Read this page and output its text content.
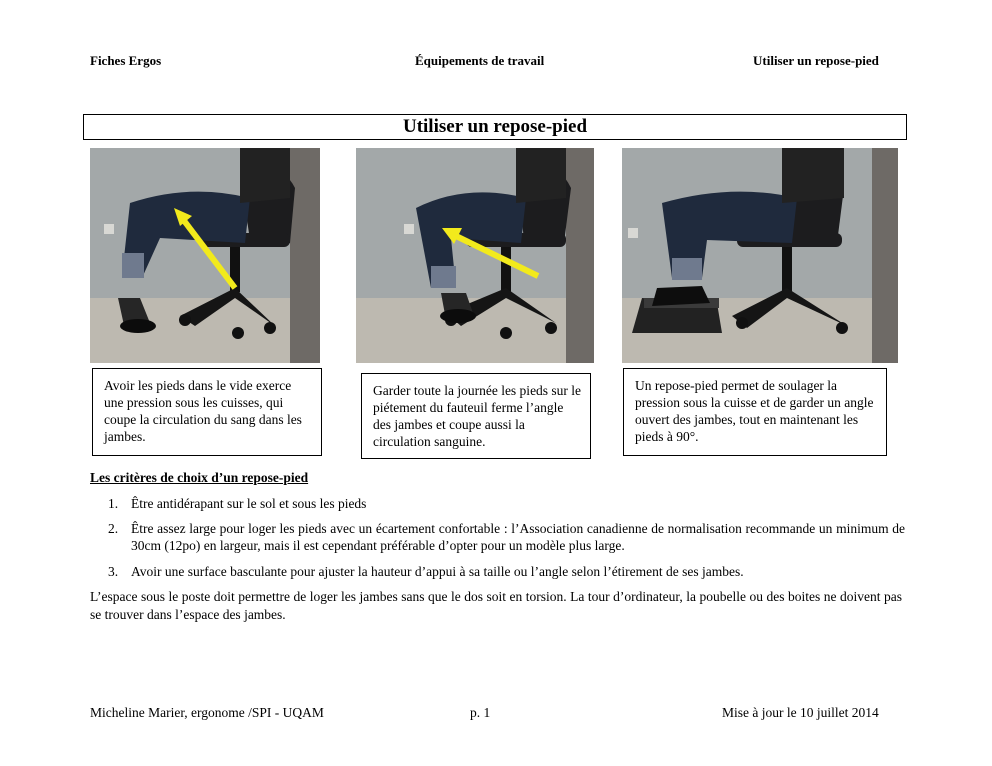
Fiches Ergos	Équipements de travail	Utiliser un repose-pied
Utiliser un repose-pied
Avoir les pieds dans le vide exerce une pression sous les cuisses, qui coupe la circulation du sang dans les jambes.
Garder toute la journée les pieds sur le piétement du fauteuil ferme l’angle des jambes et coupe aussi la circulation sanguine.
Un repose-pied permet de soulager la pression sous la cuisse et de garder un angle ouvert des jambes, tout en maintenant les pieds à 90°.
Les critères de choix d’un repose-pied
1. Être antidérapant sur le sol et sous les pieds
2. Être assez large pour loger les pieds avec un écartement confortable : l’Association canadienne de normalisation recommande un minimum de 30cm (12po) en largeur, mais il est cependant préférable d’opter pour un modèle plus large.
3. Avoir une surface basculante pour ajuster la hauteur d’appui à sa taille ou l’angle selon l’étirement de ses jambes.
L’espace sous le poste doit permettre de loger les jambes sans que le dos soit en torsion. La tour d’ordinateur, la poubelle ou des boites ne doivent pas se trouver dans l’espace des jambes.
Micheline Marier, ergonome /SPI - UQAM	p. 1	Mise à jour le 10 juillet 2014
